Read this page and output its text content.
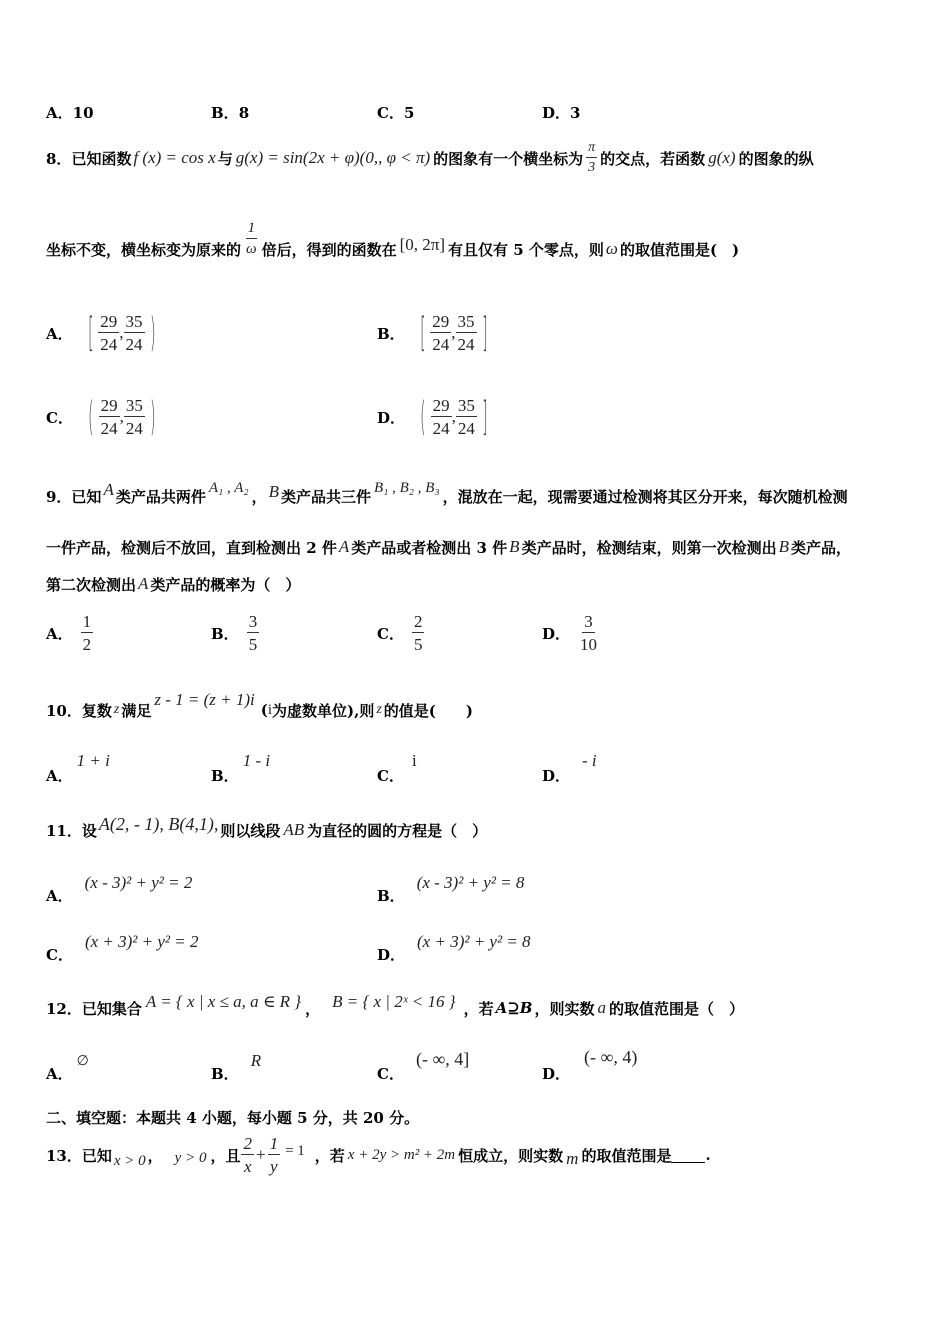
A．10	B．8	C．5	D．3
8． 已知函数 f (x) = cos x 与 g(x) = sin(2x + φ)(0,, φ < π) 的图象有一个横坐标为 $\frac{\pi}{3}$ 的交点，若函数 g(x) 的图象的纵
坐标不变，横坐标变为原来的 $\frac{1}{\omega}$ 倍后，得到的函数在 [0, 2π] 有且仅有 5 个零点，则 ω 的取值范围是(　)
A． [ $\frac{29}{24}$ , $\frac{35}{24}$ )	B． [ $\frac{29}{24}$ , $\frac{35}{24}$ ]
C． ( $\frac{29}{24}$ , $\frac{35}{24}$ )	D． ( $\frac{29}{24}$ , $\frac{35}{24}$ ]
9．已知 A 类产品共两件 A₁ , A₂ ， B 类产品共三件 B₁ , B₂ , B₃ ，混放在一起，现需要通过检测将其区分开来，每次随机检测
一件产品，检测后不放回，直到检测出 2 件 A 类产品或者检测出 3 件 B 类产品时，检测结束，则第一次检测出 B 类产品，
第二次检测出 A 类产品的概率为（　）
A． $\frac{1}{2}$	B． $\frac{3}{5}$	C． $\frac{2}{5}$	D． $\frac{3}{10}$
10．复数 z 满足
z - 1 = (z + 1)i
( i 为虚数单位),则 z 的值是(　　)
A．
1 + i
B．
1 - i
C．
i
D．
- i
11．设 A(2, - 1), B(4,1), 则以线段 AB 为直径的圆的方程是（　）
A．
(x - 3)² + y² = 2
B．
(x - 3)² + y² = 8
C．
(x + 3)² + y² = 2
D．
(x + 3)² + y² = 8
12．已知集合 A = { x | x ≤ a, a ∈ R } ， B = { x | 2ˣ < 16 } ，若 A⊇B ，则实数 a 的取值范围是（　）
A．
∅
B．
R
C．
(- ∞, 4]
D．
(- ∞, 4)
二、填空题：本题共 4 小题，每小题 5 分，共 20 分。
13．已知 x > 0 ， y > 0 ，且 $\frac{2}{x} + \frac{1}{y} = 1$ ，若 x + 2y > m² + 2m 恒成立，则实数 m 的取值范围是 .
